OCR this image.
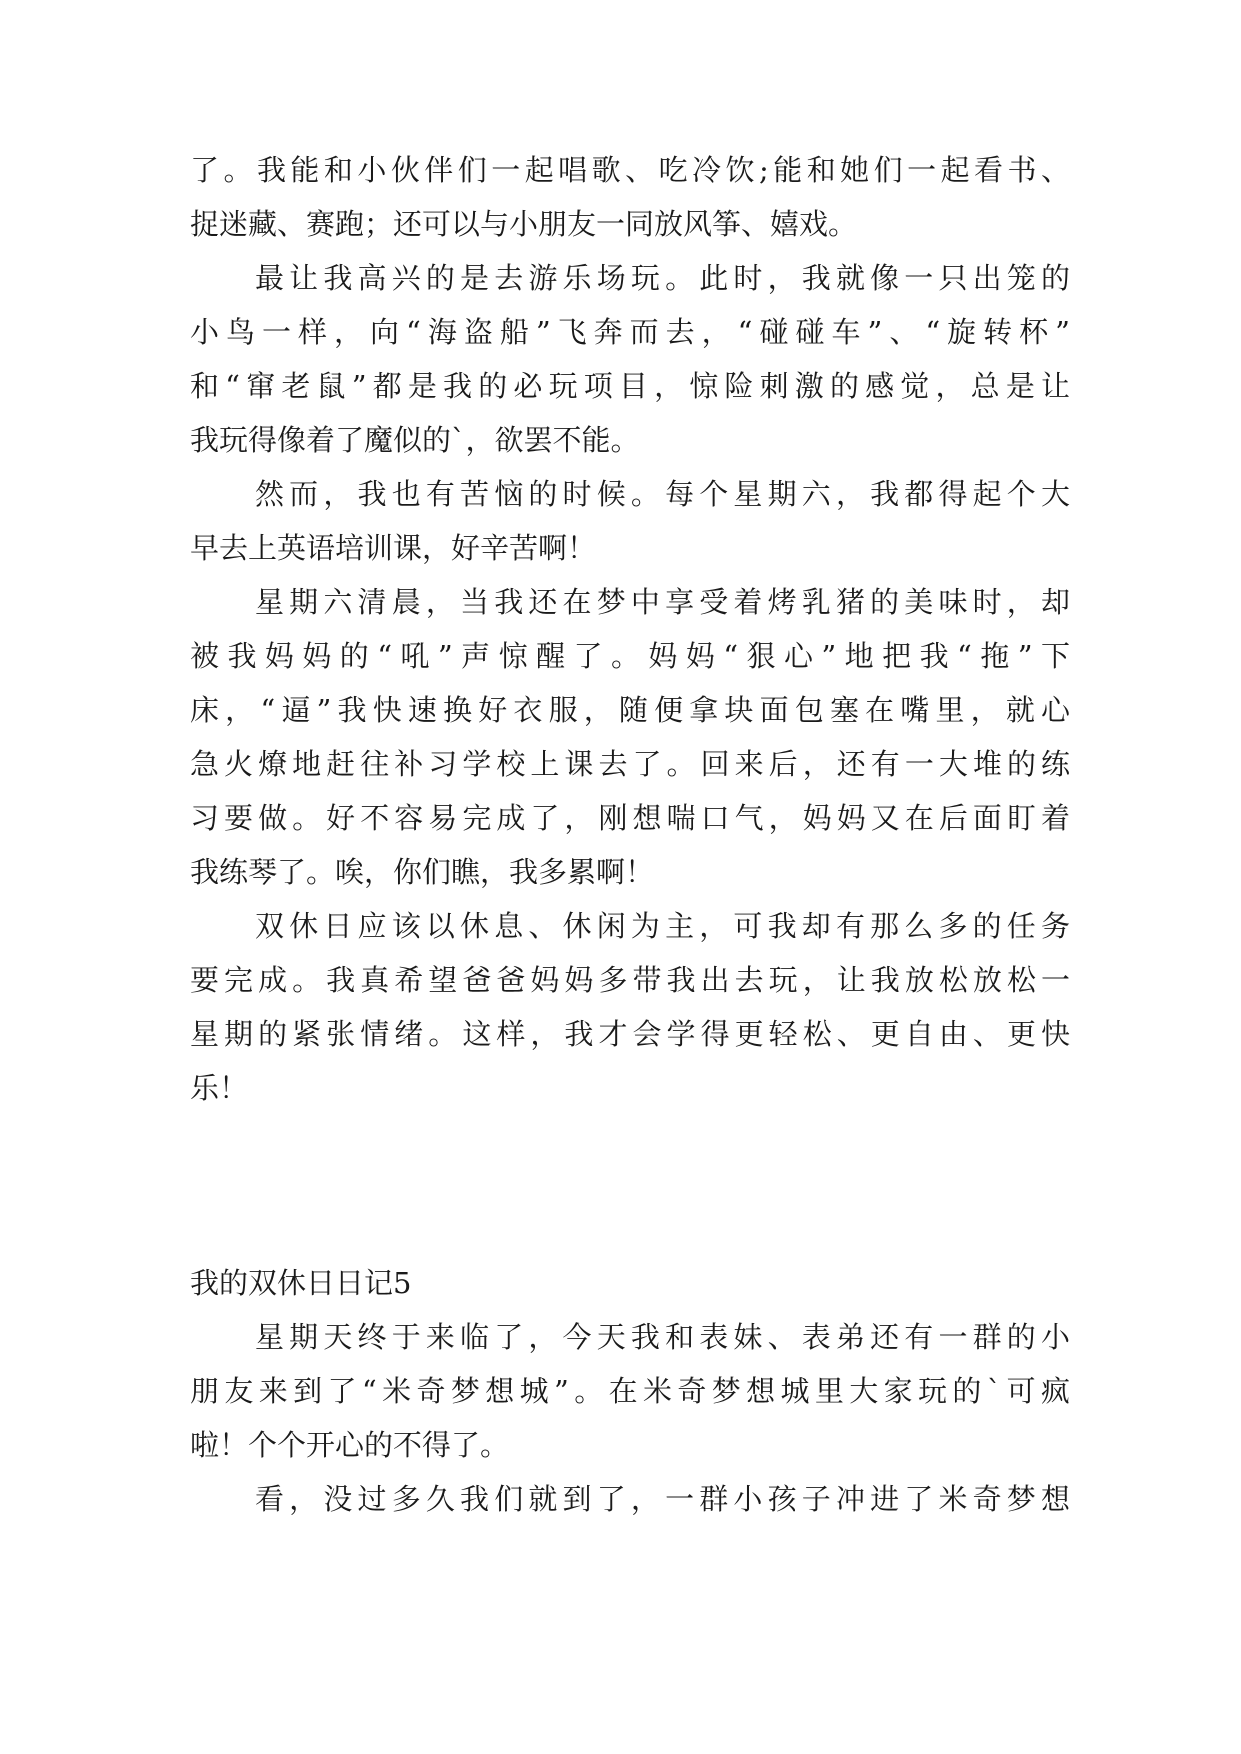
了。我能和小伙伴们一起唱歌、吃冷饮;能和她们一起看书、
捉迷藏、赛跑；还可以与小朋友一同放风筝、嬉戏。
最让我高兴的是去游乐场玩。此时，我就像一只出笼的
小鸟一样，向“海盗船”飞奔而去，“碰碰车”、“旋转杯”
和“窜老鼠”都是我的必玩项目，惊险刺激的感觉，总是让
我玩得像着了魔似的`，欲罢不能。
然而，我也有苦恼的时候。每个星期六，我都得起个大
早去上英语培训课，好辛苦啊！
星期六清晨，当我还在梦中享受着烤乳猪的美味时，却
被我妈妈的“吼”声惊醒了。妈妈“狠心”地把我“拖”下
床，“逼”我快速换好衣服，随便拿块面包塞在嘴里，就心
急火燎地赶往补习学校上课去了。回来后，还有一大堆的练
习要做。好不容易完成了，刚想喘口气，妈妈又在后面盯着
我练琴了。唉，你们瞧，我多累啊！
双休日应该以休息、休闲为主，可我却有那么多的任务
要完成。我真希望爸爸妈妈多带我出去玩，让我放松放松一
星期的紧张情绪。这样，我才会学得更轻松、更自由、更快
乐！
我的双休日日记5
星期天终于来临了，今天我和表妹、表弟还有一群的小
朋友来到了“米奇梦想城”。在米奇梦想城里大家玩的`可疯
啦！个个开心的不得了。
看，没过多久我们就到了，一群小孩子冲进了米奇梦想
